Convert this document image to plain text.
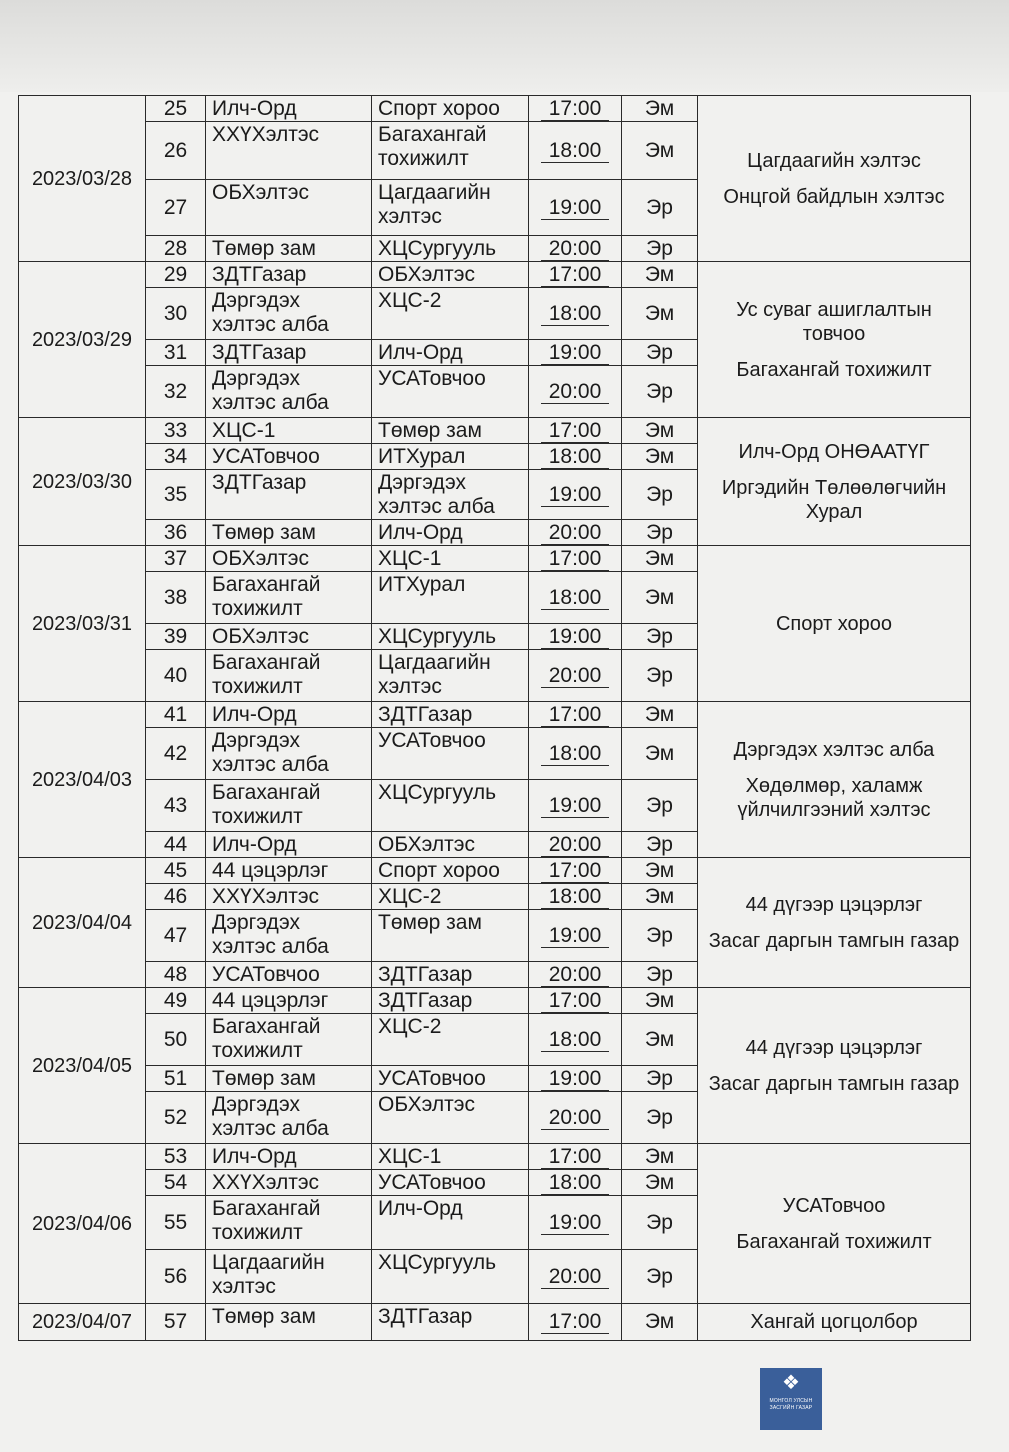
2023/03/28	25	Илч-Орд	Спорт хороо	17:00	Эм	Цагдаагийн хэлтэс
Онцгой байдлын хэлтэс

	26	ХХҮХэлтэс	Багахангай тохижилт	18:00	Эм	
	27	ОБХэлтэс	Цагдаагийн хэлтэс	19:00	Эр	
	28	Төмөр зам	ХЦСургууль	20:00	Эр	
2023/03/29	29	ЗДТГазар	ОБХэлтэс	17:00	Эм	Ус суваг ашиглалтын товчоо
Багахангай тохижилт

	30	Дэргэдэх хэлтэс алба	ХЦС-2	18:00	Эм	
	31	ЗДТГазар	Илч-Орд	19:00	Эр	
	32	Дэргэдэх хэлтэс алба	УСАТовчоо	20:00	Эр	
2023/03/30	33	ХЦС-1	Төмөр зам	17:00	Эм	Илч-Орд ОНӨААТҮГ
Иргэдийн Төлөөлөгчийн Хурал

	34	УСАТовчоо	ИТХурал	18:00	Эм	
	35	ЗДТГазар	Дэргэдэх хэлтэс алба	19:00	Эр	
	36	Төмөр зам	Илч-Орд	20:00	Эр	
2023/03/31	37	ОБХэлтэс	ХЦС-1	17:00	Эм	Спорт хороо

	38	Багахангай тохижилт	ИТХурал	18:00	Эм	
	39	ОБХэлтэс	ХЦСургууль	19:00	Эр	
	40	Багахангай тохижилт	Цагдаагийн хэлтэс	20:00	Эр	
2023/04/03	41	Илч-Орд	ЗДТГазар	17:00	Эм	Дэргэдэх хэлтэс алба
Хөдөлмөр, халамж үйлчилгээний хэлтэс

	42	Дэргэдэх хэлтэс алба	УСАТовчоо	18:00	Эм	
	43	Багахангай тохижилт	ХЦСургууль	19:00	Эр	
	44	Илч-Орд	ОБХэлтэс	20:00	Эр	
2023/04/04	45	44 цэцэрлэг	Спорт хороо	17:00	Эм	44 дүгээр цэцэрлэг
Засаг даргын тамгын газар

	46	ХХҮХэлтэс	ХЦС-2	18:00	Эм	
	47	Дэргэдэх хэлтэс алба	Төмөр зам	19:00	Эр	
	48	УСАТовчоо	ЗДТГазар	20:00	Эр	
2023/04/05	49	44 цэцэрлэг	ЗДТГазар	17:00	Эм	44 дүгээр цэцэрлэг
Засаг даргын тамгын газар

	50	Багахангай тохижилт	ХЦС-2	18:00	Эм	
	51	Төмөр зам	УСАТовчоо	19:00	Эр	
	52	Дэргэдэх хэлтэс алба	ОБХэлтэс	20:00	Эр	
2023/04/06	53	Илч-Орд	ХЦС-1	17:00	Эм	УСАТовчоо
Багахангай тохижилт

	54	ХХҮХэлтэс	УСАТовчоо	18:00	Эм	
	55	Багахангай тохижилт	Илч-Орд	19:00	Эр	
	56	Цагдаагийн хэлтэс	ХЦСургууль	20:00	Эр	
2023/04/07	57	Төмөр зам	ЗДТГазар	17:00	Эм	Хангай цогцолбор
❖
МОНГОЛ УЛСЫН ЗАСГИЙН ГАЗАР
